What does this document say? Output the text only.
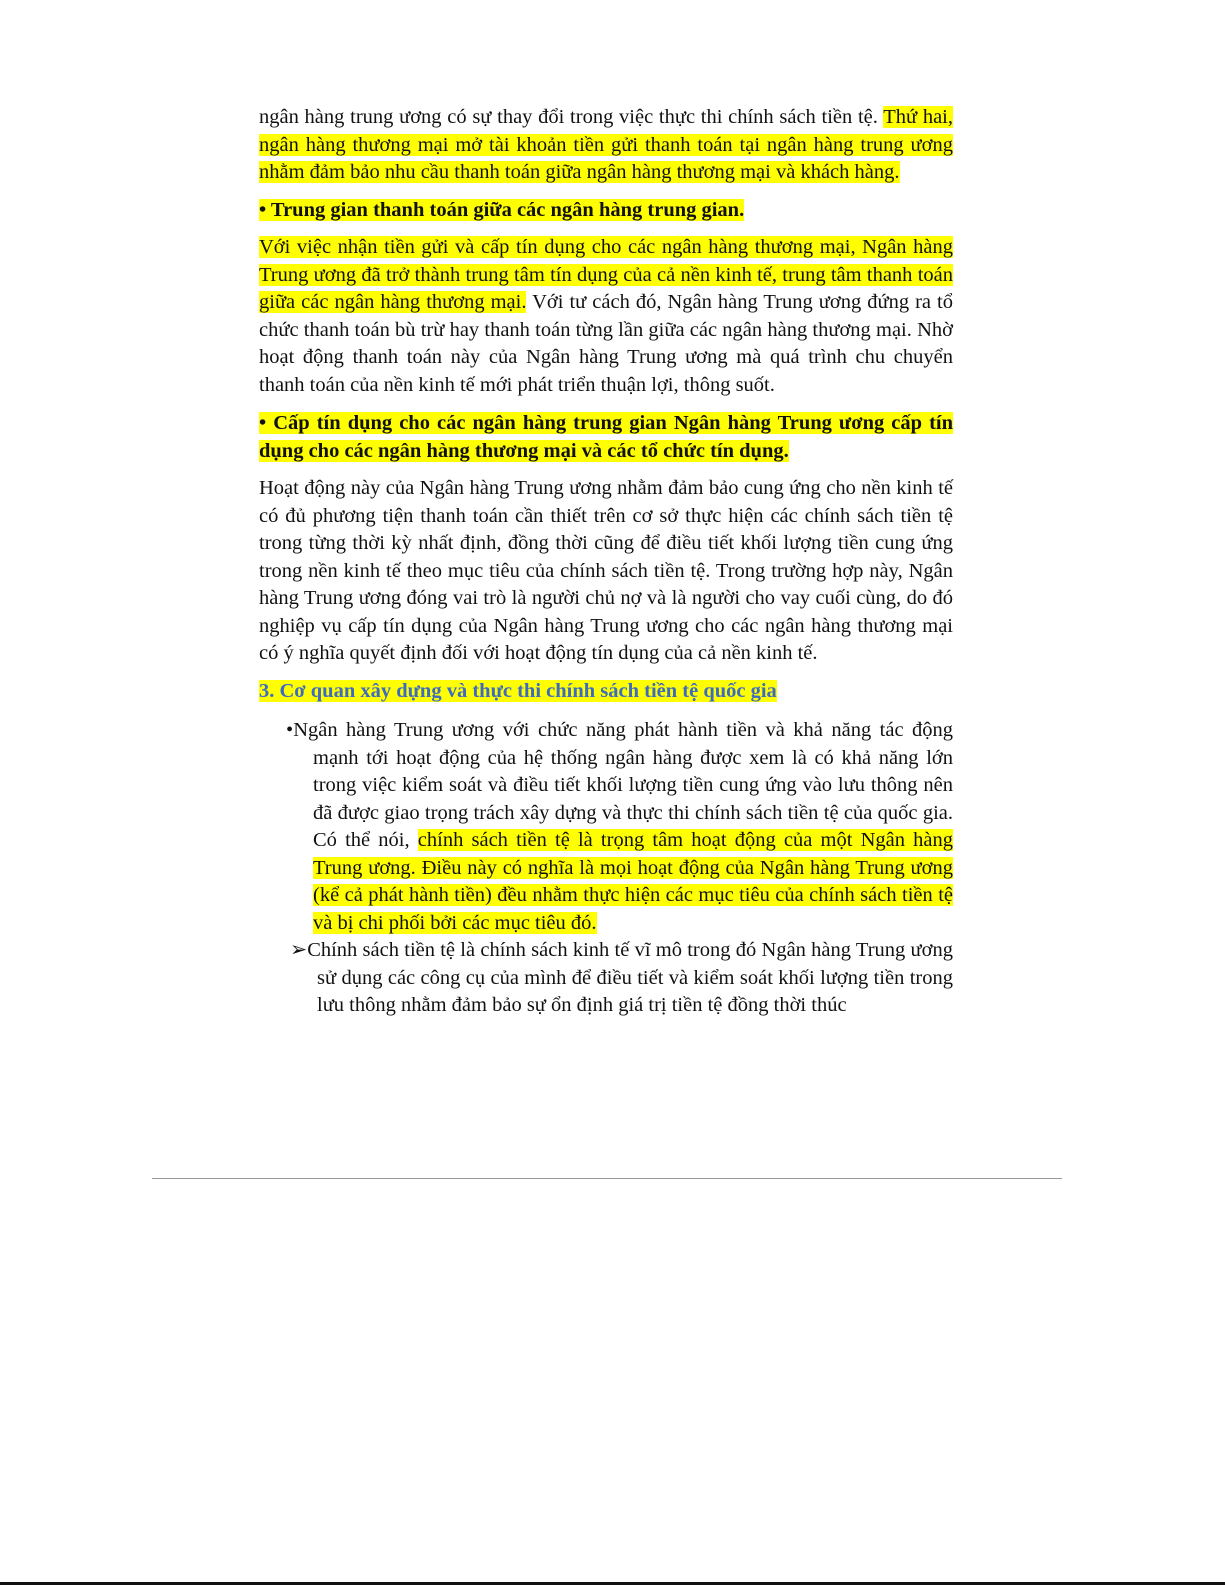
ngân hàng trung ương có sự thay đổi trong việc thực thi chính sách tiền tệ. Thứ hai, ngân hàng thương mại mở tài khoản tiền gửi thanh toán tại ngân hàng trung ương nhằm đảm bảo nhu cầu thanh toán giữa ngân hàng thương mại và khách hàng.

• Trung gian thanh toán giữa các ngân hàng trung gian.

Với việc nhận tiền gửi và cấp tín dụng cho các ngân hàng thương mại, Ngân hàng Trung ương đã trở thành trung tâm tín dụng của cả nền kinh tế, trung tâm thanh toán giữa các ngân hàng thương mại. Với tư cách đó, Ngân hàng Trung ương đứng ra tổ chức thanh toán bù trừ hay thanh toán từng lần giữa các ngân hàng thương mại. Nhờ hoạt động thanh toán này của Ngân hàng Trung ương mà quá trình chu chuyển thanh toán của nền kinh tế mới phát triển thuận lợi, thông suốt.

• Cấp tín dụng cho các ngân hàng trung gian Ngân hàng Trung ương cấp tín dụng cho các ngân hàng thương mại và các tổ chức tín dụng.

Hoạt động này của Ngân hàng Trung ương nhằm đảm bảo cung ứng cho nền kinh tế có đủ phương tiện thanh toán cần thiết trên cơ sở thực hiện các chính sách tiền tệ trong từng thời kỳ nhất định, đồng thời cũng để điều tiết khối lượng tiền cung ứng trong nền kinh tế theo mục tiêu của chính sách tiền tệ. Trong trường hợp này, Ngân hàng Trung ương đóng vai trò là người chủ nợ và là người cho vay cuối cùng, do đó nghiệp vụ cấp tín dụng của Ngân hàng Trung ương cho các ngân hàng thương mại có ý nghĩa quyết định đối với hoạt động tín dụng của cả nền kinh tế.

3. Cơ quan xây dựng và thực thi chính sách tiền tệ quốc gia

•Ngân hàng Trung ương với chức năng phát hành tiền và khả năng tác động mạnh tới hoạt động của hệ thống ngân hàng được xem là có khả năng lớn trong việc kiểm soát và điều tiết khối lượng tiền cung ứng vào lưu thông nên đã được giao trọng trách xây dựng và thực thi chính sách tiền tệ của quốc gia. Có thể nói, chính sách tiền tệ là trọng tâm hoạt động của một Ngân hàng Trung ương. Điều này có nghĩa là mọi hoạt động của Ngân hàng Trung ương (kể cả phát hành tiền) đều nhằm thực hiện các mục tiêu của chính sách tiền tệ và bị chi phối bởi các mục tiêu đó.

➢Chính sách tiền tệ là chính sách kinh tế vĩ mô trong đó Ngân hàng Trung ương sử dụng các công cụ của mình để điều tiết và kiểm soát khối lượng tiền trong lưu thông nhằm đảm bảo sự ổn định giá trị tiền tệ đồng thời thúc
